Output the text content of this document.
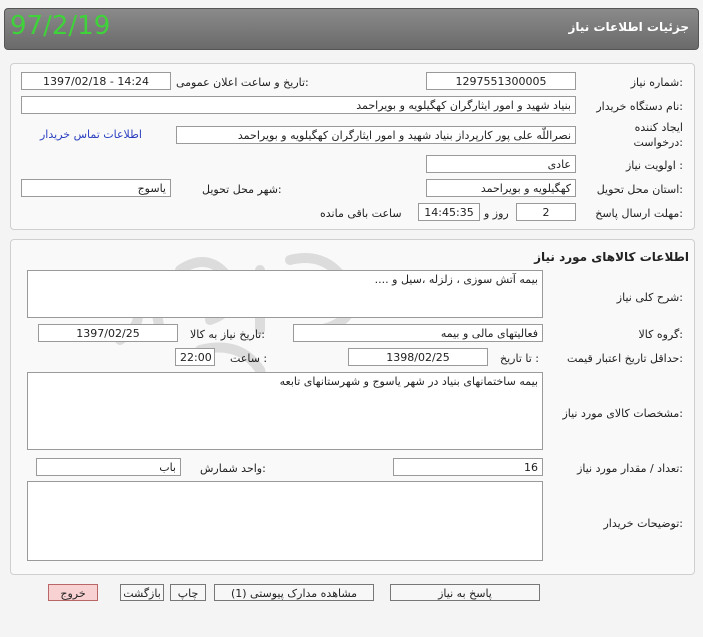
97/2/19	جزئیات اطلاعات نیاز
شماره نیاز:
1297551300005
تاریخ و ساعت اعلان عمومی:
1397/02/18 - 14:24
نام دستگاه خریدار:
بنیاد شهید و امور ایثارگران کهگیلویه و بویراحمد
ایجاد کننده
درخواست:
نصراللّه علی پور کارپرداز بنیاد شهید و امور ایثارگران کهگیلویه و بویراحمد
اطلاعات تماس خریدار
اولویت نیاز :
عادی
استان محل تحویل:
کهگیلویه و بویراحمد
شهر محل تحویل:
یاسوج
مهلت ارسال پاسخ:
2
روز و
14:45:35
ساعت باقی مانده
اطلاعات کالاهای مورد نیاز
شرح کلی نیاز:
بیمه آتش سوزی ، زلزله ،سیل و ....
گروه کالا:
فعالیتهای مالی و بیمه
تاریخ نیاز به کالا:
1397/02/25
حداقل تاریخ اعتبار قیمت:
تا تاریخ :
1398/02/25
ساعت :
22:00
مشخصات کالای مورد نیاز:
بیمه ساختمانهای بنیاد در شهر یاسوج و شهرستانهای تابعه
تعداد / مقدار مورد نیاز:
16
واحد شمارش:
باب
توضیحات خریدار:
پاسخ به نیاز
مشاهده مدارک پیوستی (1)
چاپ
بازگشت
خروج
